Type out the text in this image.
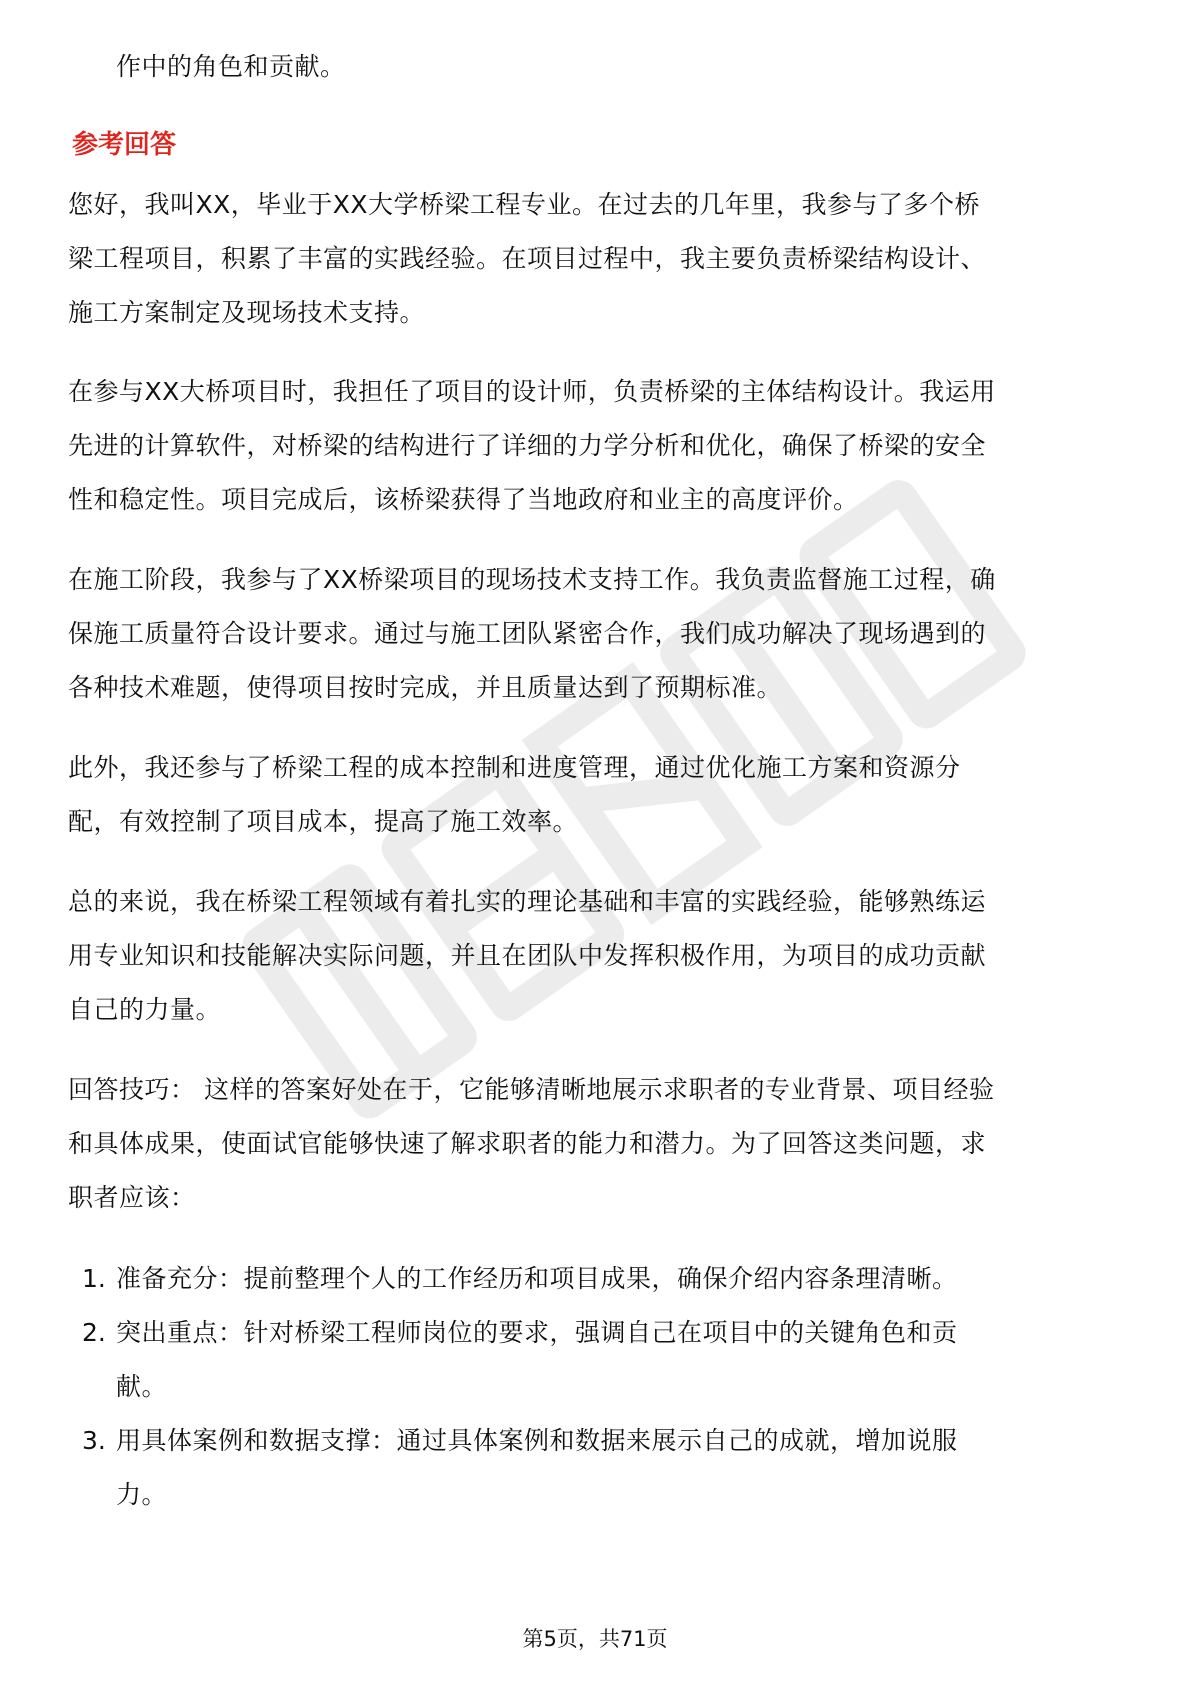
作中的角色和贡献。
参考回答
您好，我叫XX，毕业于XX大学桥梁工程专业。在过去的几年里，我参与了多个桥
梁工程项目，积累了丰富的实践经验。在项目过程中，我主要负责桥梁结构设计、
施工方案制定及现场技术支持。
在参与XX大桥项目时，我担任了项目的设计师，负责桥梁的主体结构设计。我运用
先进的计算软件，对桥梁的结构进行了详细的力学分析和优化，确保了桥梁的安全
性和稳定性。项目完成后，该桥梁获得了当地政府和业主的高度评价。
在施工阶段，我参与了XX桥梁项目的现场技术支持工作。我负责监督施工过程，确
保施工质量符合设计要求。通过与施工团队紧密合作，我们成功解决了现场遇到的
各种技术难题，使得项目按时完成，并且质量达到了预期标准。
此外，我还参与了桥梁工程的成本控制和进度管理，通过优化施工方案和资源分
配，有效控制了项目成本，提高了施工效率。
总的来说，我在桥梁工程领域有着扎实的理论基础和丰富的实践经验，能够熟练运
用专业知识和技能解决实际问题，并且在团队中发挥积极作用，为项目的成功贡献
自己的力量。
回答技巧： 这样的答案好处在于，它能够清晰地展示求职者的专业背景、项目经验
和具体成果，使面试官能够快速了解求职者的能力和潜力。为了回答这类问题，求
职者应该：
1. 准备充分：提前整理个人的工作经历和项目成果，确保介绍内容条理清晰。
2. 突出重点：针对桥梁工程师岗位的要求，强调自己在项目中的关键角色和贡
献。
3. 用具体案例和数据支撑：通过具体案例和数据来展示自己的成就，增加说服
力。
第5页，共71页
